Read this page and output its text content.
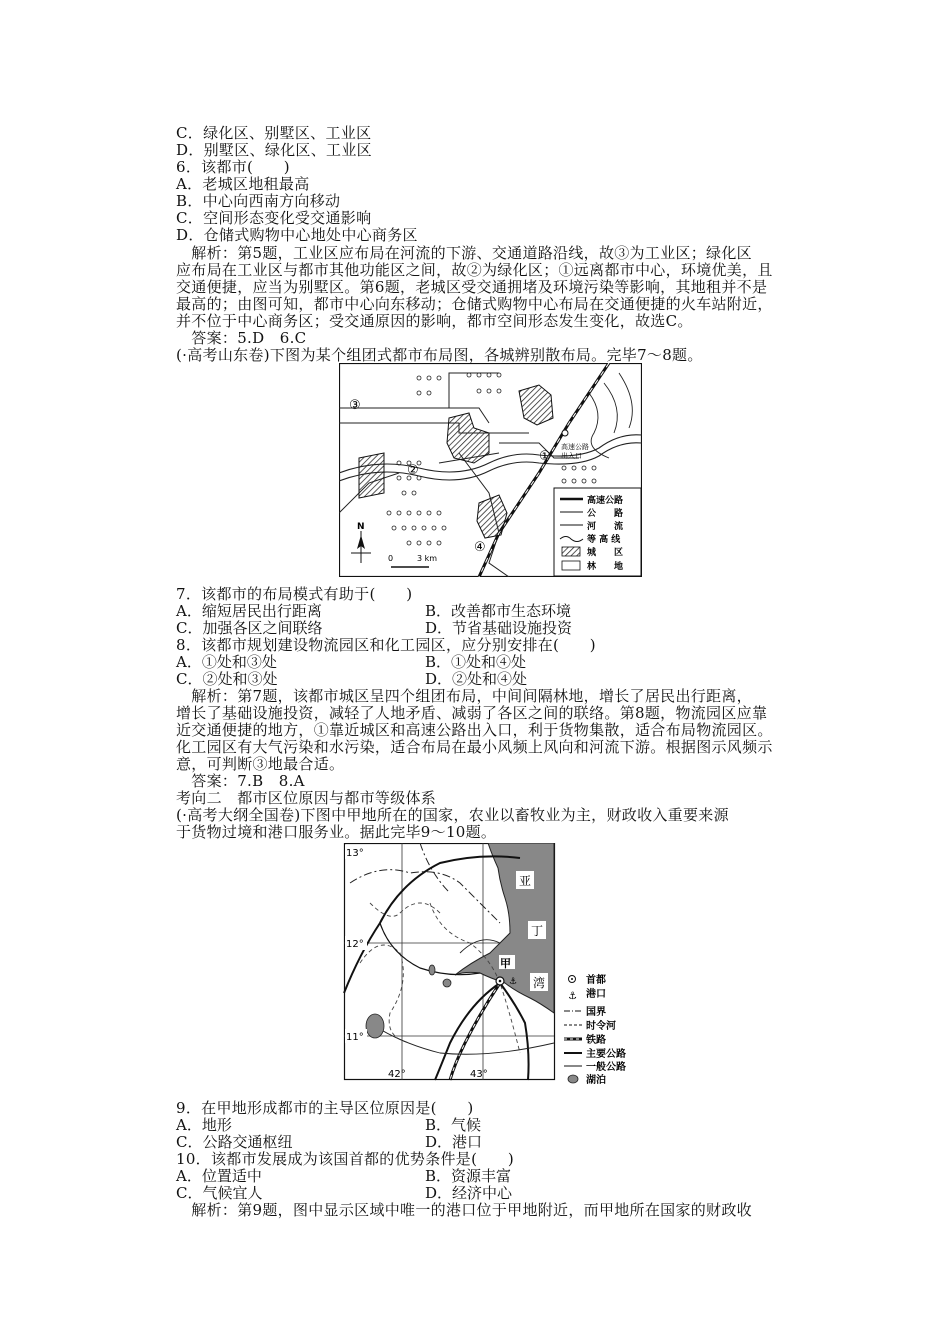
C．绿化区、别墅区、工业区
D．别墅区、绿化区、工业区
6．该都市(　　)
A．老城区地租最高
B．中心向西南方向移动
C．空间形态变化受交通影响
D．仓储式购物中心地处中心商务区
　解析：第5题，工业区应布局在河流的下游、交通道路沿线，故③为工业区；绿化区
应布局在工业区与都市其他功能区之间，故②为绿化区；①远离都市中心，环境优美，且
交通便捷，应当为别墅区。第6题，老城区受交通拥堵及环境污染等影响，其地租并不是
最高的；由图可知，都市中心向东移动；仓储式购物中心布局在交通便捷的火车站附近，
并不位于中心商务区；受交通原因的影响，都市空间形态发生变化，故选C。
　答案：5.D　6.C
(·高考山东卷)下图为某个组团式都市布局图，各城辨别散布局。完毕7～8题。
③
②
①
④
高速公路
出入口
N
0	3 km
高速公路
公　　路
河　　流
等 高 线
城　　区
林　　地
7．该都市的布局模式有助于(　　)
A．缩短居民出行距离	B．改善都市生态环境
C．加强各区之间联络	D．节省基础设施投资
8．该都市规划建设物流园区和化工园区，应分别安排在(　　)
A．①处和③处	B．①处和④处
C．②处和③处	D．②处和④处
　解析：第7题，该都市城区呈四个组团布局，中间间隔林地，增长了居民出行距离，
增长了基础设施投资，减轻了人地矛盾、减弱了各区之间的联络。第8题，物流园区应靠
近交通便捷的地方，①靠近城区和高速公路出入口，利于货物集散，适合布局物流园区。
化工园区有大气污染和水污染，适合布局在最小风频上风向和河流下游。根据图示风频示
意，可判断③地最合适。
　答案：7.B　8.A
考向二　都市区位原因与都市等级体系
(·高考大纲全国卷)下图中甲地所在的国家，农业以畜牧业为主，财政收入重要来源
于货物过境和港口服务业。据此完毕9～10题。
甲
⚓
亚
丁
湾
13°
12°
11°
42°	43°
⚓
首都
港口
国界
时令河
铁路
主要公路
一般公路
湖泊
9．在甲地形成都市的主导区位原因是(　　)
A．地形	B．气候
C．公路交通枢纽	D．港口
10．该都市发展成为该国首都的优势条件是(　　)
A．位置适中	B．资源丰富
C．气候宜人	D．经济中心
　解析：第9题，图中显示区域中唯一的港口位于甲地附近，而甲地所在国家的财政收
